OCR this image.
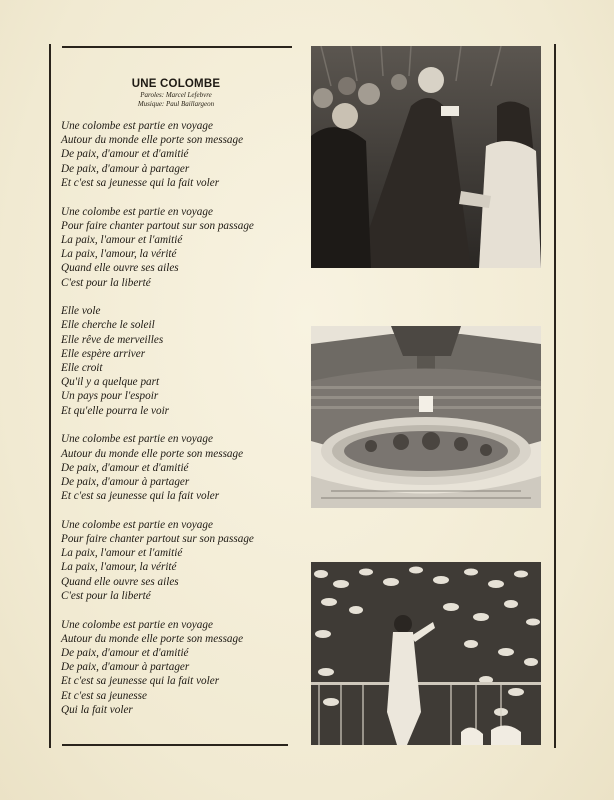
UNE COLOMBE
Paroles: Marcel Lefebvre
Musique: Paul Baillargeon
Une colombe est partie en voyage
Autour du monde elle porte son message
De paix, d'amour et d'amitié
De paix, d'amour à partager
Et c'est sa jeunesse qui la fait voler
Une colombe est partie en voyage
Pour faire chanter partout sur son passage
La paix, l'amour et l'amitié
La paix, l'amour, la vérité
Quand elle ouvre ses ailes
C'est pour la liberté
Elle vole
Elle cherche le soleil
Elle rêve de merveilles
Elle espère arriver
Elle croit
Qu'il y a quelque part
Un pays pour l'espoir
Et qu'elle pourra le voir
Une colombe est partie en voyage
Autour du monde elle porte son message
De paix, d'amour et d'amitié
De paix, d'amour à partager
Et c'est sa jeunesse qui la fait voler
Une colombe est partie en voyage
Pour faire chanter partout sur son passage
La paix, l'amour et l'amitié
La paix, l'amour, la vérité
Quand elle ouvre ses ailes
C'est pour la liberté
Une colombe est partie en voyage
Autour du monde elle porte son message
De paix, d'amour et d'amitié
De paix, d'amour à partager
Et c'est sa jeunesse qui la fait voler
Et c'est sa jeunesse
Qui la fait voler
